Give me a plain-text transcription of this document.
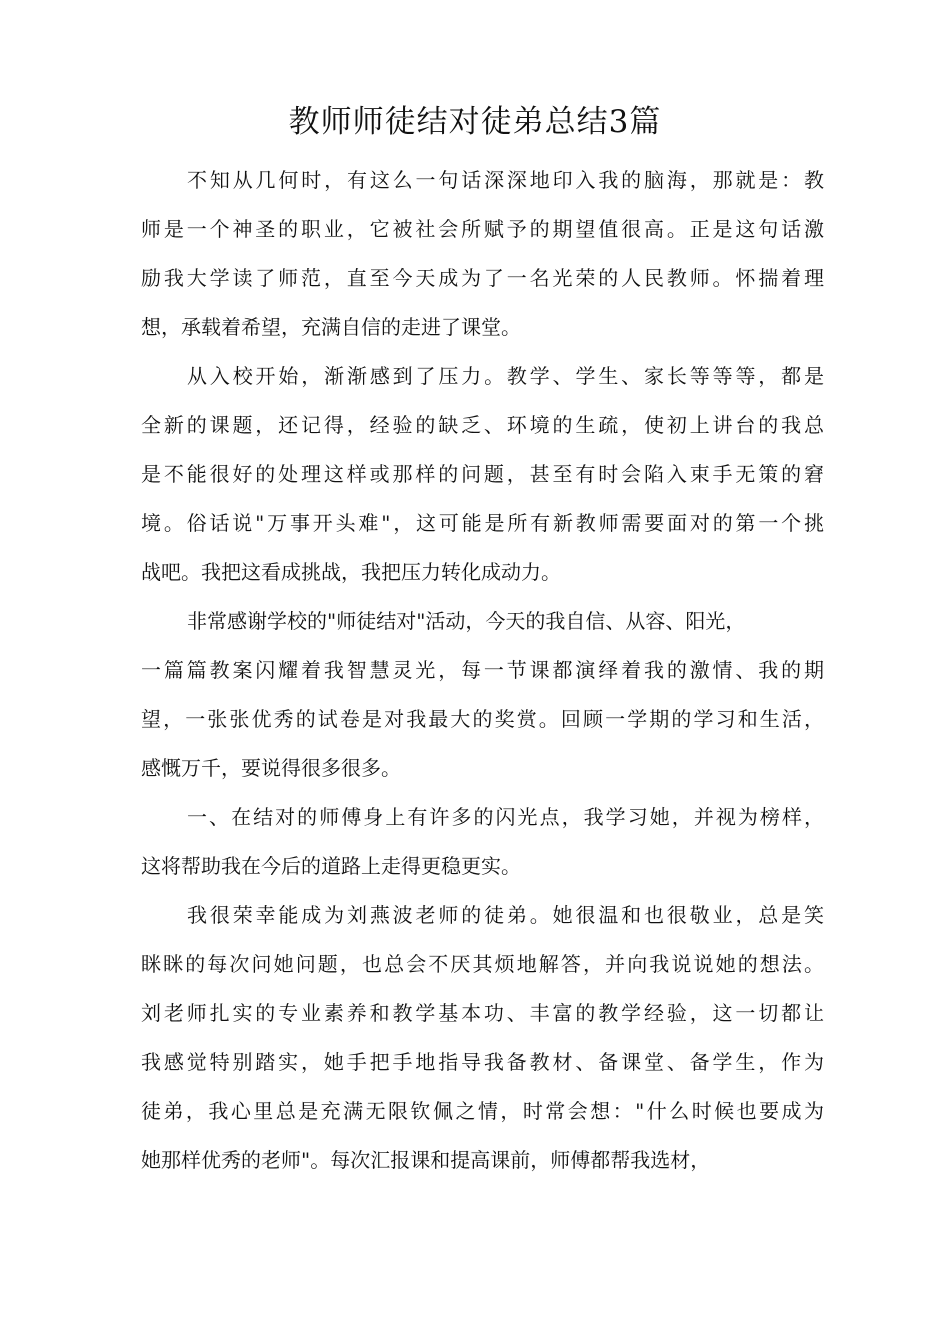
教师师徒结对徒弟总结3篇
不知从几何时，有这么一句话深深地印入我的脑海，那就是：教
师是一个神圣的职业，它被社会所赋予的期望值很高。正是这句话激
励我大学读了师范，直至今天成为了一名光荣的人民教师。怀揣着理
想，承载着希望，充满自信的走进了课堂。
从入校开始，渐渐感到了压力。教学、学生、家长等等等，都是
全新的课题，还记得，经验的缺乏、环境的生疏，使初上讲台的我总
是不能很好的处理这样或那样的问题，甚至有时会陷入束手无策的窘
境。俗话说"万事开头难"，这可能是所有新教师需要面对的第一个挑
战吧。我把这看成挑战，我把压力转化成动力。
非常感谢学校的"师徒结对"活动，今天的我自信、从容、阳光，
一篇篇教案闪耀着我智慧灵光，每一节课都演绎着我的激情、我的期
望，一张张优秀的试卷是对我最大的奖赏。回顾一学期的学习和生活，
感慨万千，要说得很多很多。
一、在结对的师傅身上有许多的闪光点，我学习她，并视为榜样，
这将帮助我在今后的道路上走得更稳更实。
我很荣幸能成为刘燕波老师的徒弟。她很温和也很敬业，总是笑
眯眯的每次问她问题，也总会不厌其烦地解答，并向我说说她的想法。
刘老师扎实的专业素养和教学基本功、丰富的教学经验，这一切都让
我感觉特别踏实，她手把手地指导我备教材、备课堂、备学生，作为
徒弟，我心里总是充满无限钦佩之情，时常会想："什么时候也要成为
她那样优秀的老师"。每次汇报课和提高课前，师傅都帮我选材，
